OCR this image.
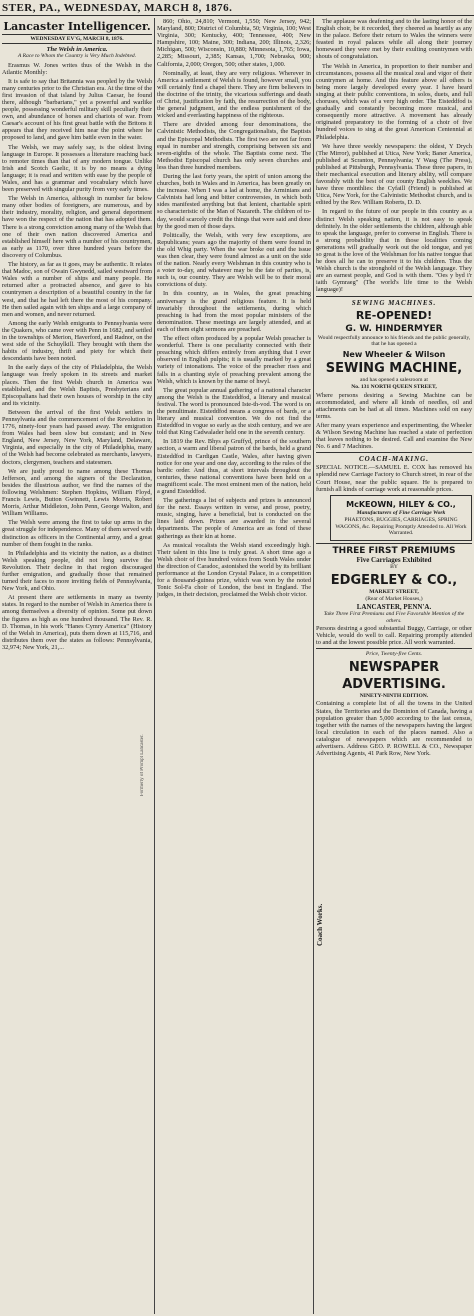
STER, PA., WEDNESDAY, MARCH 8, 1876.
Lancaster Intelligencer.
WEDNESDAY EV'G, MARCH 8, 1876.
The Welsh in America.
A Race to Whom the Country is Very Much Indebted.

Erasmus W. Jones writes thus of the Welsh in the Atlantic Monthly:

It is safe to say that Britannia was peopled by the Welsh many centuries prior to the Christian era. At the time of the first invasion of that island by Julius Caesar, he found there, although "barbarians," yet a powerful and warlike people, possessing wonderful military skill peculiarly their own, and abundance of horses and chariots of war. From Caesar's account of his first great battle with the Britons it appears that they received him near the point where he proposed to land, and gave him battle even in the water.

The Welsh, we may safely say, is the oldest living language in Europe. It possesses a literature reaching back to remoter times than that of any modern tongue. Unlike Irish and Scotch Gaelic, it is by no means a dying language; it is read and written with ease by the people of Wales, and has a grammar and vocabulary which have been preserved with singular purity from very early times.

The Welsh in America, although in number far below many other bodies of foreigners, are numerous, and by their industry, morality, religion, and general deportment have won the respect of the nation that has adopted them. There is a strong conviction among many of the Welsh that one of their own nation discovered America and established himself here with a number of his countrymen, as early as 1170, over three hundred years before the discovery of Columbus.

The history, as far as it goes, may be authentic. It relates that Madoc, son of Owain Gwynedd, sailed westward from Wales with a number of ships and many people. He returned after a protracted absence, and gave to his countrymen a description of a beautiful country in the far west, and that he had left there the most of his company. He then sailed again with ten ships and a large company of men and women, and never returned.

Among the early Welsh emigrants to Pennsylvania were the Quakers, who came over with Penn in 1682, and settled in the townships of Merion, Haverford, and Radnor, on the west side of the Schuylkill. They brought with them the habits of industry, thrift and piety for which their descendants have been noted.

In the early days of the city of Philadelphia, the Welsh language was freely spoken in its streets and market places. Then the first Welsh church in America was established, and the Welsh Baptists, Presbyterians and Episcopalians had their own houses of worship in the city and its vicinity.

Between the arrival of the first Welsh settlers in Pennsylvania and the commencement of the Revolution in 1776, ninety-four years had passed away. The emigration from Wales had been slow but constant; and in New England, New Jersey, New York, Maryland, Delaware, Virginia, and especially in the city of Philadelphia, many of the Welsh had become celebrated as merchants, lawyers, doctors, clergymen, teachers and statesmen.

We are justly proud to name among these Thomas Jefferson, and among the signers of the Declaration, besides the illustrious author, we find the names of the following Welshmen: Stephen Hopkins, William Floyd, Francis Lewis, Button Gwinnett, Lewis Morris, Robert Morris, Arthur Middleton, John Penn, George Walton, and William Williams.

The Welsh were among the first to take up arms in the great struggle for independence. Many of them served with distinction as officers in the Continental army, and a great number of them fought in the ranks.

In Philadelphia and its vicinity the nation, as a distinct Welsh speaking people, did not long survive the Revolution. Their decline in that region discouraged further emigration, and gradually those that remained turned their faces to more inviting fields of Pennsylvania, New York, and Ohio.

At present there are settlements in many as twenty states. In regard to the number of Welsh in America there is among themselves a diversity of opinion. Some put down the figures as high as one hundred thousand. The Rev. R. D. Thomas, in his work "Hanes Cymry America" (History of the Welsh in America), puts them down at 115,716, and distributes them over the states as follows: Pennsylvania, 32,974; New York, 21,...

860; Ohio, 24,810; Vermont, 1,550; New Jersey, 942; Maryland, 800; District of Columbia, 50; Virginia, 100; West Virginia, 300; Kentucky, 400; Tennessee, 400; New Hampshire, 100; Maine, 300; Indiana, 200; Illinois, 2,326; Michigan, 500; Wisconsin, 10,880; Minnesota, 1,765; Iowa, 2,285; Missouri, 2,385; Kansas, 1,700; Nebraska, 900; California, 2,000; Oregon, 500; other states, 1,000.

Nominally, at least, they are very religious. Wherever in America a settlement of Welsh is found, however small, you will certainly find a chapel there. They are firm believers in the doctrine of the trinity, the vicarious sufferings and death of Christ, justification by faith, the resurrection of the body, the general judgment, and the endless punishment of the wicked and everlasting happiness of the righteous.

There are divided among four denominations, the Calvinistic Methodists, the Congregationalists, the Baptists and the Episcopal Methodists. The first two are not far from equal in number and strength, comprising between six and seven-eighths of the whole. The Baptists come next. The Methodist Episcopal church has only seven churches and less than three hundred members.

During the last forty years, the spirit of union among the churches, both in Wales and in America, has been greatly on the increase. When I was a lad at home, the Arminians and Calvinists had long and bitter controversies, in which both sides manifested anything but that lenient, charitable spirit so characteristic of the Man of Nazareth. The children of to-day, would scarcely credit the things that were said and done by the good men of those days.

Politically, the Welsh, with very few exceptions, are Republicans; years ago the majority of them were found in the old Whig party. When the war broke out and the issue was then clear, they were found almost as a unit on the side of the nation. Nearly every Welshman in this country who is a voter to-day, and whatever may be the fate of parties, is, such is, our country. They are Welsh will be to their moral convictions of duty.

In this country, as in Wales, the great preaching anniversary is the grand religious feature. It is held invariably throughout the settlements, during which preaching is had from the most popular ministers of the denomination. These meetings are largely attended, and at each of them eight sermons are preached.

The effect often produced by a popular Welsh preacher is wonderful. There is one peculiarity connected with their preaching which differs entirely from anything that I ever observed in English pulpits; it is usually marked by a great variety of intonations. The voice of the preacher rises and falls in a chanting style of preaching prevalent among the Welsh, which is known by the name of hwyl.

The great popular annual gathering of a national character among the Welsh is the Eisteddfod, a literary and musical festival. The word is pronounced Iste-th-vod. The word is on the penultimate. Eisteddfod means a congress of bards, or a literary and musical convention. We do not find the Eisteddfod in vogue so early as the sixth century, and we are told that King Cadwalader held one in the seventh century.

In 1819 the Rev. Bhys ap Gruffyd, prince of the southern section, a warm and liberal patron of the bards, held a grand Eisteddfod in Cardigan Castle, Wales, after having given notice for one year and one day, according to the rules of the bardic order. And thus, at short intervals throughout the centuries, these national conventions have been held on a magnificent scale. The most eminent men of the nation, held a grand Eisteddfod.

The gatherings a list of subjects and prizes is announced for the next. Essays written in verse, and prose, poetry, music, singing, have a beneficial, but is conducted on the lines laid down. Prizes are awarded in the several departments. The people of America are as fond of these gatherings as their kin at home.

As musical vocalists the Welsh stand exceedingly high. Their talent in this line is truly great. A short time ago a Welsh choir of five hundred voices from South Wales under the direction of Caradoc, astonished the world by its brilliant performance at the London Crystal Palace, in a competition for a thousand-guinea prize, which was won by the noted Tonic Sol-Fa choir of London, the best in England. The judges, in their decision, proclaimed the Welsh choir victor.

The applause was deafening and to the lasting honor of the English choir, be it recorded, they cheered as heartily as any in the palace. Before their return to Wales the winners were feasted in royal palaces while all along their journey homeward they were met by their exulting countrymen with shouts of congratulation.

The Welsh in America, in proportion to their number and circumstances, possess all the musical zeal and vigor of their countrymen at home. And this feature above all others is being more largely developed every year. I have heard singing at their public conventions, in solos, duets, and full choruses, which was of a very high order. The Eisteddfod is gradually and constantly becoming more musical, and consequently more attractive. A movement has already originated preparatory to the forming of a choir of five hundred voices to sing at the great American Centennial at Philadelphia.

We have three weekly newspapers: the oldest, Y Drych (The Mirror), published at Utica, New York; Baner America, published at Scranton, Pennsylvania; Y Wasg (The Press), published at Pittsburgh, Pennsylvania. These three papers, in their mechanical execution and literary ability, will compare favorably with the best of our county English weeklies. We have three monthlies: the Cyfaill (Friend) is published at Utica, New York, for the Calvinistic Methodist church, and is edited by the Rev. William Roberts, D. D.

In regard to the future of our people in this country as a distinct Welsh speaking nation, it is not easy to speak definitely. In the older settlements the children, although able to speak the language, prefer to converse in English. There is a strong probability that in those localities coming generations will gradually work out the old tongue, and yet so great is the love of the Welshman for his native tongue that he does all he can to preserve it to his children. Thus the Welsh church is the stronghold of the Welsh language. They are an earnest people, and God is with them. "Oes y byd i'r iaith Gymraeg" (The world's life time to the Welsh language)!

SEWING MACHINES.
RE-OPENED!
G. W. HINDERMYER
Would respectfully announce to his friends and the public generally, that he has opened a
New Wheeler & Wilson
SEWING MACHINE,
and has opened a salesroom at
No. 131 NORTH QUEEN STREET,

Where persons desiring a Sewing Machine can be accommodated, and where all kinds of needles, oil and attachments can be had at all times. Machines sold on easy terms.

After many years experience and experimenting, the Wheeler & Wilson Sewing Machine has reached a state of perfection that leaves nothing to be desired. Call and examine the New No. 6 and 7 Machines.

COACH-MAKING.

SPECIAL NOTICE.—SAMUEL E. COX has removed his splendid new Carriage Factory to Church street, in rear of the Court House, near the public square. He is prepared to furnish all kinds of carriage work at reasonable prices.

McKEOWN, HILEY & CO.,
Manufacturers of Fine Carriage Work
PHAETONS, BUGGIES, CARRIAGES, SPRING WAGONS, &c. Repairing Promptly Attended to. All Work Warranted.
THREE FIRST PREMIUMS
Five Carriages Exhibited
BY
EDGERLEY & CO.,
MARKET STREET,
(Rear of Market Houses,)
LANCASTER, PENN'A.
Take Three First Premiums and Five Favorable Mention of the others.

Persons desiring a good substantial Buggy, Carriage, or other Vehicle, would do well to call. Repairing promptly attended to and at the lowest possible price. All work warranted.

Price, Twenty-five Cents.
NEWSPAPER
ADVERTISING.
NINETY-NINTH EDITION.

Containing a complete list of all the towns in the United States, the Territories and the Dominion of Canada, having a population greater than 5,000 according to the last census, together with the names of the newspapers having the largest local circulation in each of the places named. Also a catalogue of newspapers which are recommended to advertisers. Address GEO. P. ROWELL & CO., Newspaper Advertising Agents, 41 Park Row, New York.

Coach Works.
Formerly of Prompt Lancaster.
